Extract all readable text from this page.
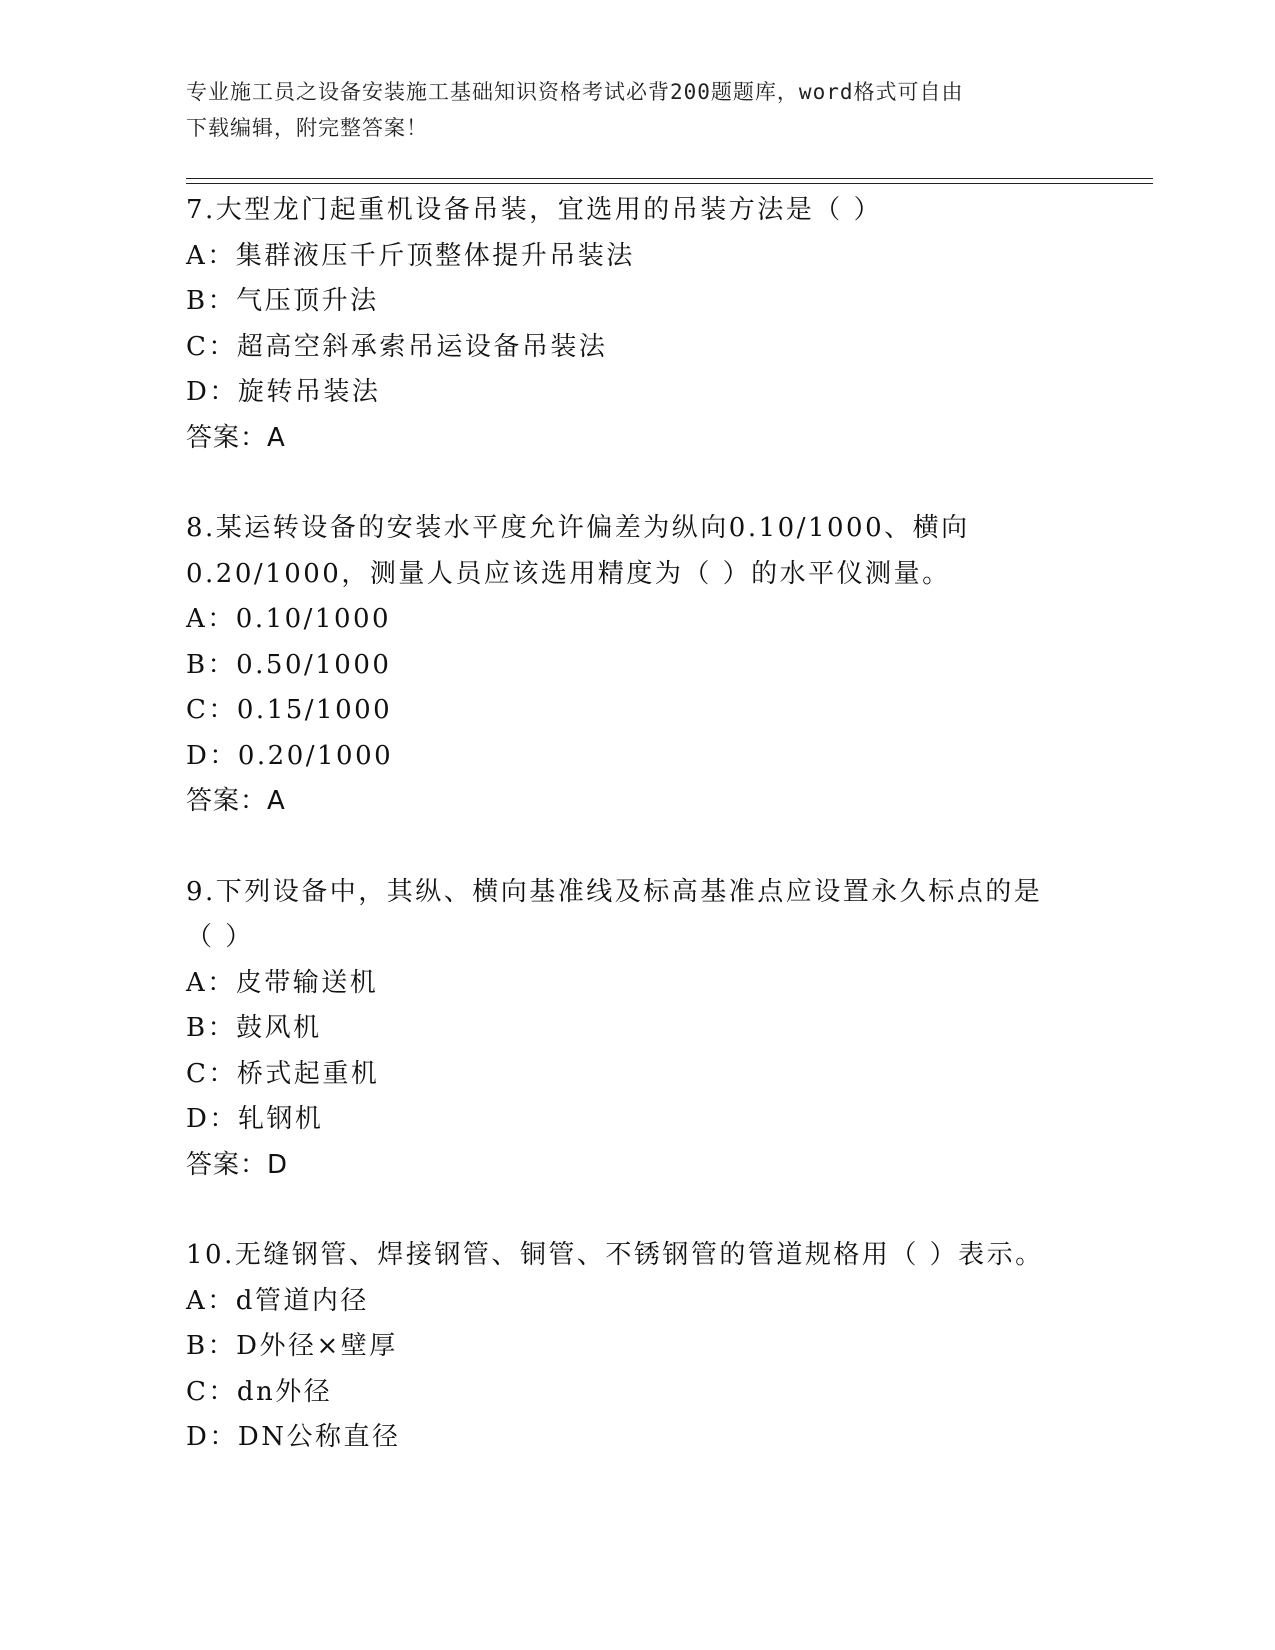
专业施工员之设备安装施工基础知识资格考试必背200题题库，word格式可自由
下载编辑，附完整答案！
7.大型龙门起重机设备吊装，宜选用的吊装方法是（ ）
A：集群液压千斤顶整体提升吊装法
B：气压顶升法
C：超高空斜承索吊运设备吊装法
D：旋转吊装法
答案：A
8.某运转设备的安装水平度允许偏差为纵向0.10/1000、横向
0.20/1000，测量人员应该选用精度为（ ）的水平仪测量。
A：0.10/1000
B：0.50/1000
C：0.15/1000
D：0.20/1000
答案：A
9.下列设备中，其纵、横向基准线及标高基准点应设置永久标点的是
（ ）
A：皮带输送机
B：鼓风机
C：桥式起重机
D：轧钢机
答案：D
10.无缝钢管、焊接钢管、铜管、不锈钢管的管道规格用（ ）表示。
A：d管道内径
B：D外径×壁厚
C：dn外径
D：DN公称直径
